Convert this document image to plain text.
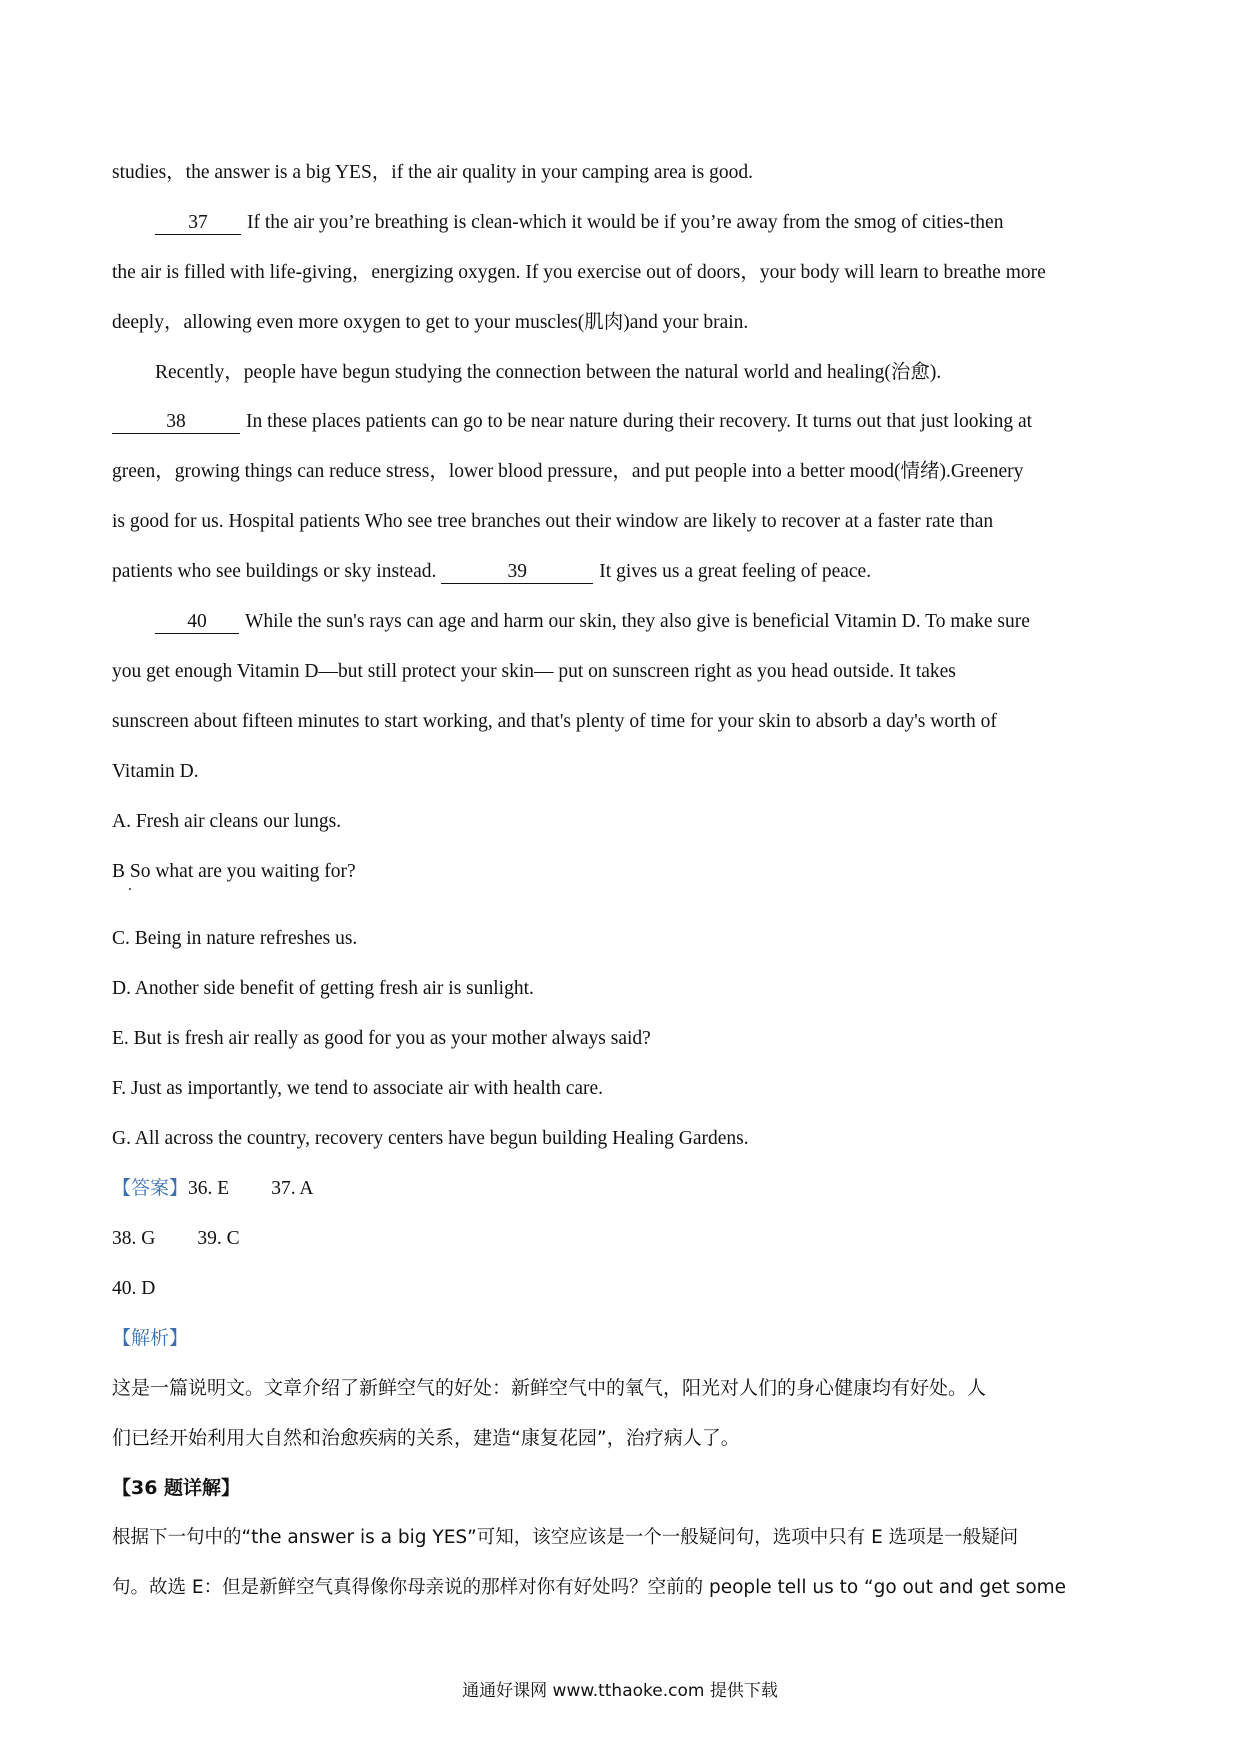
studies，the answer is a big YES，if the air quality in your camping area is good.
37 If the air you’re breathing is clean-which it would be if you’re away from the smog of cities-then
the air is filled with life-giving，energizing oxygen. If you exercise out of doors，your body will learn to breathe more
deeply，allowing even more oxygen to get to your muscles(肌肉)and your brain.
Recently，people have begun studying the connection between the natural world and healing(治愈).
38	In these places patients can go to be near nature during their recovery. It turns out that just looking at
green，growing things can reduce stress，lower blood pressure，and put people into a better mood(情绪).Greenery
is good for us. Hospital patients Who see tree branches out their window are likely to recover at a faster rate than
patients who see buildings or sky instead.	39	It gives us a great feeling of peace.
40 While the sun's rays can age and harm our skin, they also give is beneficial Vitamin D. To make sure
you get enough Vitamin D—but still protect your skin— put on sunscreen right as you head outside. It takes
sunscreen about fifteen minutes to start working, and that's plenty of time for your skin to absorb a day's worth of
Vitamin D.
A. Fresh air cleans our lungs.
B So what are you waiting for?
C. Being in nature refreshes us.
D. Another side benefit of getting fresh air is sunlight.
E. But is fresh air really as good for you as your mother always said?
F. Just as importantly, we tend to associate air with health care.
G. All across the country, recovery centers have begun building Healing Gardens.
【答案】36. E 37. A
38. G 39. C
40. D
【解析】
这是一篇说明文。文章介绍了新鲜空气的好处：新鲜空气中的氧气，阳光对人们的身心健康均有好处。人
们已经开始利用大自然和治愈疾病的关系，建造“康复花园”，治疗病人了。
【36 题详解】
根据下一句中的“the answer is a big YES”可知，该空应该是一个一般疑问句，选项中只有 E 选项是一般疑问
句。故选 E：但是新鲜空气真得像你母亲说的那样对你有好处吗？空前的 people tell us to “go out and get some
通通好课网 www.tthaoke.com 提供下载
